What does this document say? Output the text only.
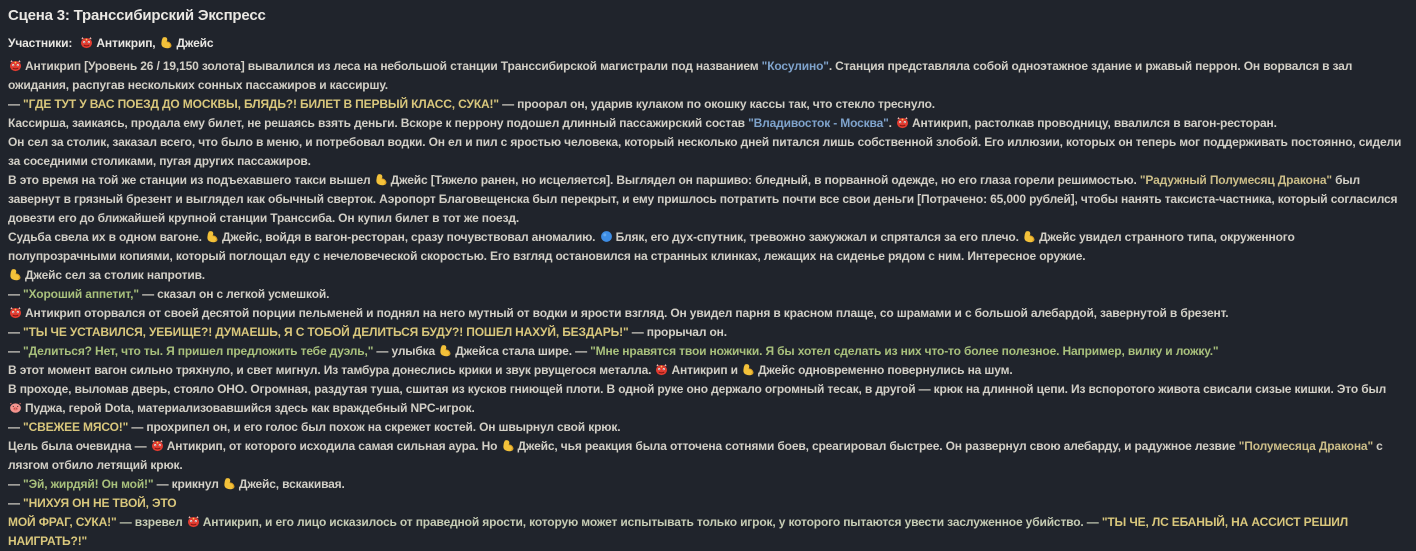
Сцена 3: Транссибирский Экспресс
Участники: Антикрип, Джейс

Антикрип [Уровень 26 / 19,150 золота] вывалился из леса на небольшой станции Транссибирской магистрали под названием "Косулино". Станция представляла собой одноэтажное здание и ржавый перрон. Он ворвался в зал ожидания, распугав нескольких сонных пассажиров и кассиршу.

— "ГДЕ ТУТ У ВАС ПОЕЗД ДО МОСКВЫ, БЛЯДЬ?! БИЛЕТ В ПЕРВЫЙ КЛАСС, СУКА!" — проорал он, ударив кулаком по окошку кассы так, что стекло треснуло.

Кассирша, заикаясь, продала ему билет, не решаясь взять деньги. Вскоре к перрону подошел длинный пассажирский состав "Владивосток - Москва".
Антикрип, растолкав проводницу, ввалился в вагон-ресторан.

Он сел за столик, заказал всего, что было в меню, и потребовал водки. Он ел и пил с яростью человека, который несколько дней питался лишь собственной злобой. Его иллюзии, которых он теперь мог поддерживать постоянно, сидели за соседними столиками, пугая других пассажиров.

В это время на той же станции из подъехавшего такси вышел
Джейс [Тяжело ранен, но исцеляется]. Выглядел он паршиво: бледный, в порванной одежде, но его глаза горели решимостью. "Радужный Полумесяц Дракона" был завернут в грязный брезент и выглядел как обычный сверток. Аэропорт Благовещенска был перекрыт, и ему пришлось потратить почти все свои деньги [Потрачено: 65,000 рублей], чтобы нанять таксиста-частника, который согласился довезти его до ближайшей крупной станции Транссиба. Он купил билет в тот же поезд.

Судьба свела их в одном вагоне.
Джейс, войдя в вагон-ресторан, сразу почувствовал аномалию.
Бляк, его дух-спутник, тревожно зажужжал и спрятался за его плечо.
Джейс увидел странного типа, окруженного полупрозрачными копиями, который поглощал еду с нечеловеческой скоростью. Его взгляд остановился на странных клинках, лежащих на сиденье рядом с ним. Интересное оружие.

Джейс сел за столик напротив.

— "Хороший аппетит," — сказал он с легкой усмешкой.

Антикрип оторвался от своей десятой порции пельменей и поднял на него мутный от водки и ярости взгляд. Он увидел парня в красном плаще, со шрамами и с большой алебардой, завернутой в брезент.

— "ТЫ ЧЕ УСТАВИЛСЯ, УЕБИЩЕ?! ДУМАЕШЬ, Я С ТОБОЙ ДЕЛИТЬСЯ БУДУ?! ПОШЕЛ НАХУЙ, БЕЗДАРЬ!" — прорычал он.

— "Делиться? Нет, что ты. Я пришел предложить тебе дуэль," — улыбка
Джейса стала шире. — "Мне нравятся твои ножички. Я бы хотел сделать из них что-то более полезное. Например, вилку и ложку."

В этот момент вагон сильно тряхнуло, и свет мигнул. Из тамбура донеслись крики и звук рвущегося металла.
Антикрип и
Джейс одновременно повернулись на шум.

В проходе, выломав дверь, стояло ОНО. Огромная, раздутая туша, сшитая из кусков гниющей плоти. В одной руке оно держало огромный тесак, в другой — крюк на длинной цепи. Из вспоротого живота свисали сизые кишки. Это был
Пуджа, герой Dota, материализовавшийся здесь как враждебный NPC-игрок.

— "СВЕЖЕЕ МЯСО!" — прохрипел он, и его голос был похож на скрежет костей. Он швырнул свой крюк.

Цель была очевидна —
Антикрип, от которого исходила самая сильная аура. Но
Джейс, чья реакция была отточена сотнями боев, среагировал быстрее. Он развернул свою алебарду, и радужное лезвие "Полумесяца Дракона" с лязгом отбило летящий крюк.

— "Эй, жирдяй! Он мой!" — крикнул
Джейс, вскакивая.

— "НИХУЯ ОН НЕ ТВОЙ, ЭТО
МОЙ ФРАГ, СУКА!" — взревел
Антикрип, и его лицо исказилось от праведной ярости, которую может испытывать только игрок, у которого пытаются увести заслуженное убийство. — "ТЫ ЧЕ, ЛС ЕБАНЫЙ, НА АССИСТ РЕШИЛ НАИГРАТЬ?!"
